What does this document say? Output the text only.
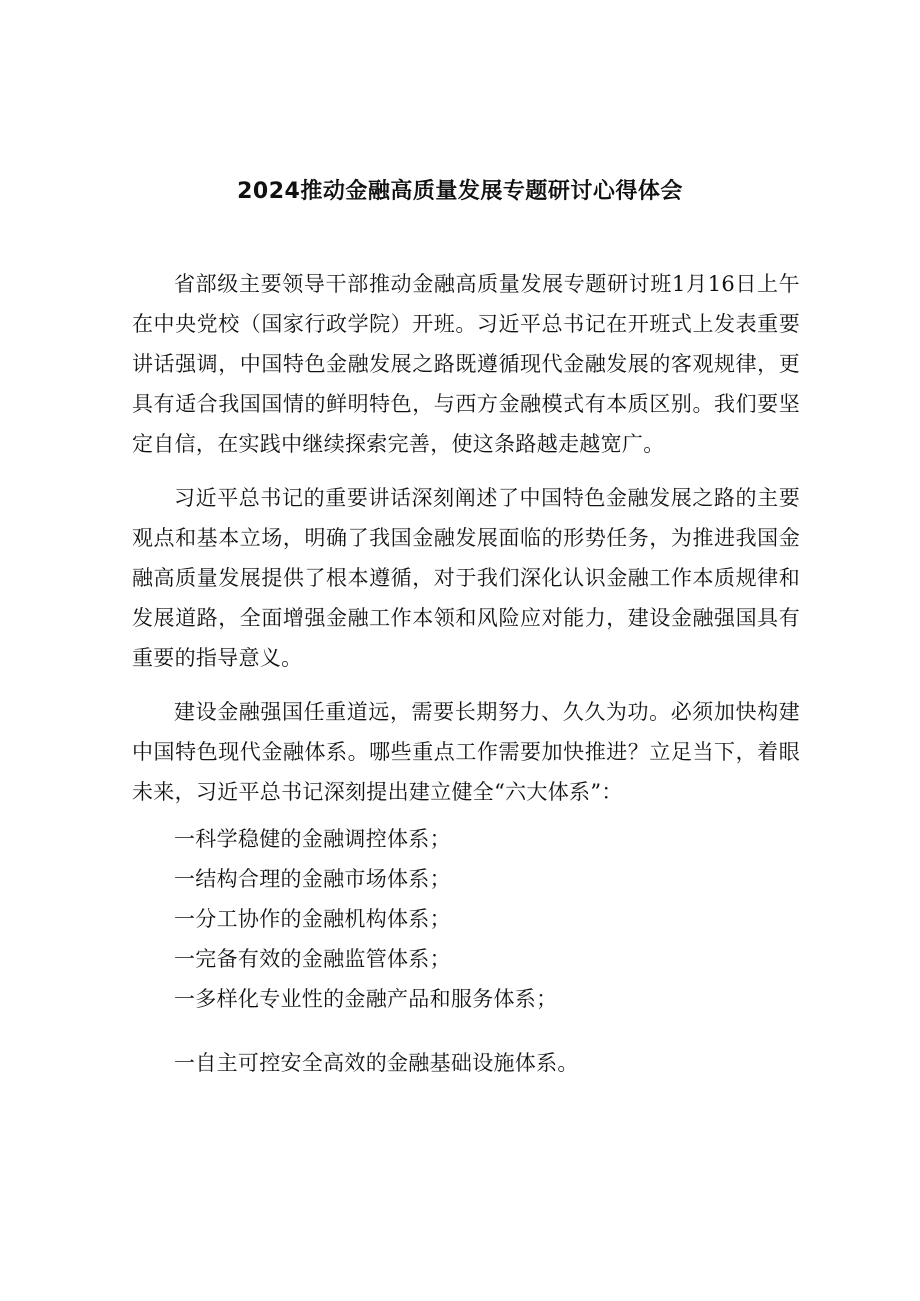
2024推动金融高质量发展专题研讨心得体会

省部级主要领导干部推动金融高质量发展专题研讨班1月16日上午在中央党校（国家行政学院）开班。习近平总书记在开班式上发表重要讲话强调，中国特色金融发展之路既遵循现代金融发展的客观规律，更具有适合我国国情的鲜明特色，与西方金融模式有本质区别。我们要坚定自信，在实践中继续探索完善，使这条路越走越宽广。

习近平总书记的重要讲话深刻阐述了中国特色金融发展之路的主要观点和基本立场，明确了我国金融发展面临的形势任务，为推进我国金融高质量发展提供了根本遵循，对于我们深化认识金融工作本质规律和发展道路，全面增强金融工作本领和风险应对能力，建设金融强国具有重要的指导意义。

建设金融强国任重道远，需要长期努力、久久为功。必须加快构建中国特色现代金融体系。哪些重点工作需要加快推进？立足当下，着眼未来，习近平总书记深刻提出建立健全“六大体系”：

一科学稳健的金融调控体系；
一结构合理的金融市场体系；
一分工协作的金融机构体系；
一完备有效的金融监管体系；
一多样化专业性的金融产品和服务体系；
一自主可控安全高效的金融基础设施体系。
